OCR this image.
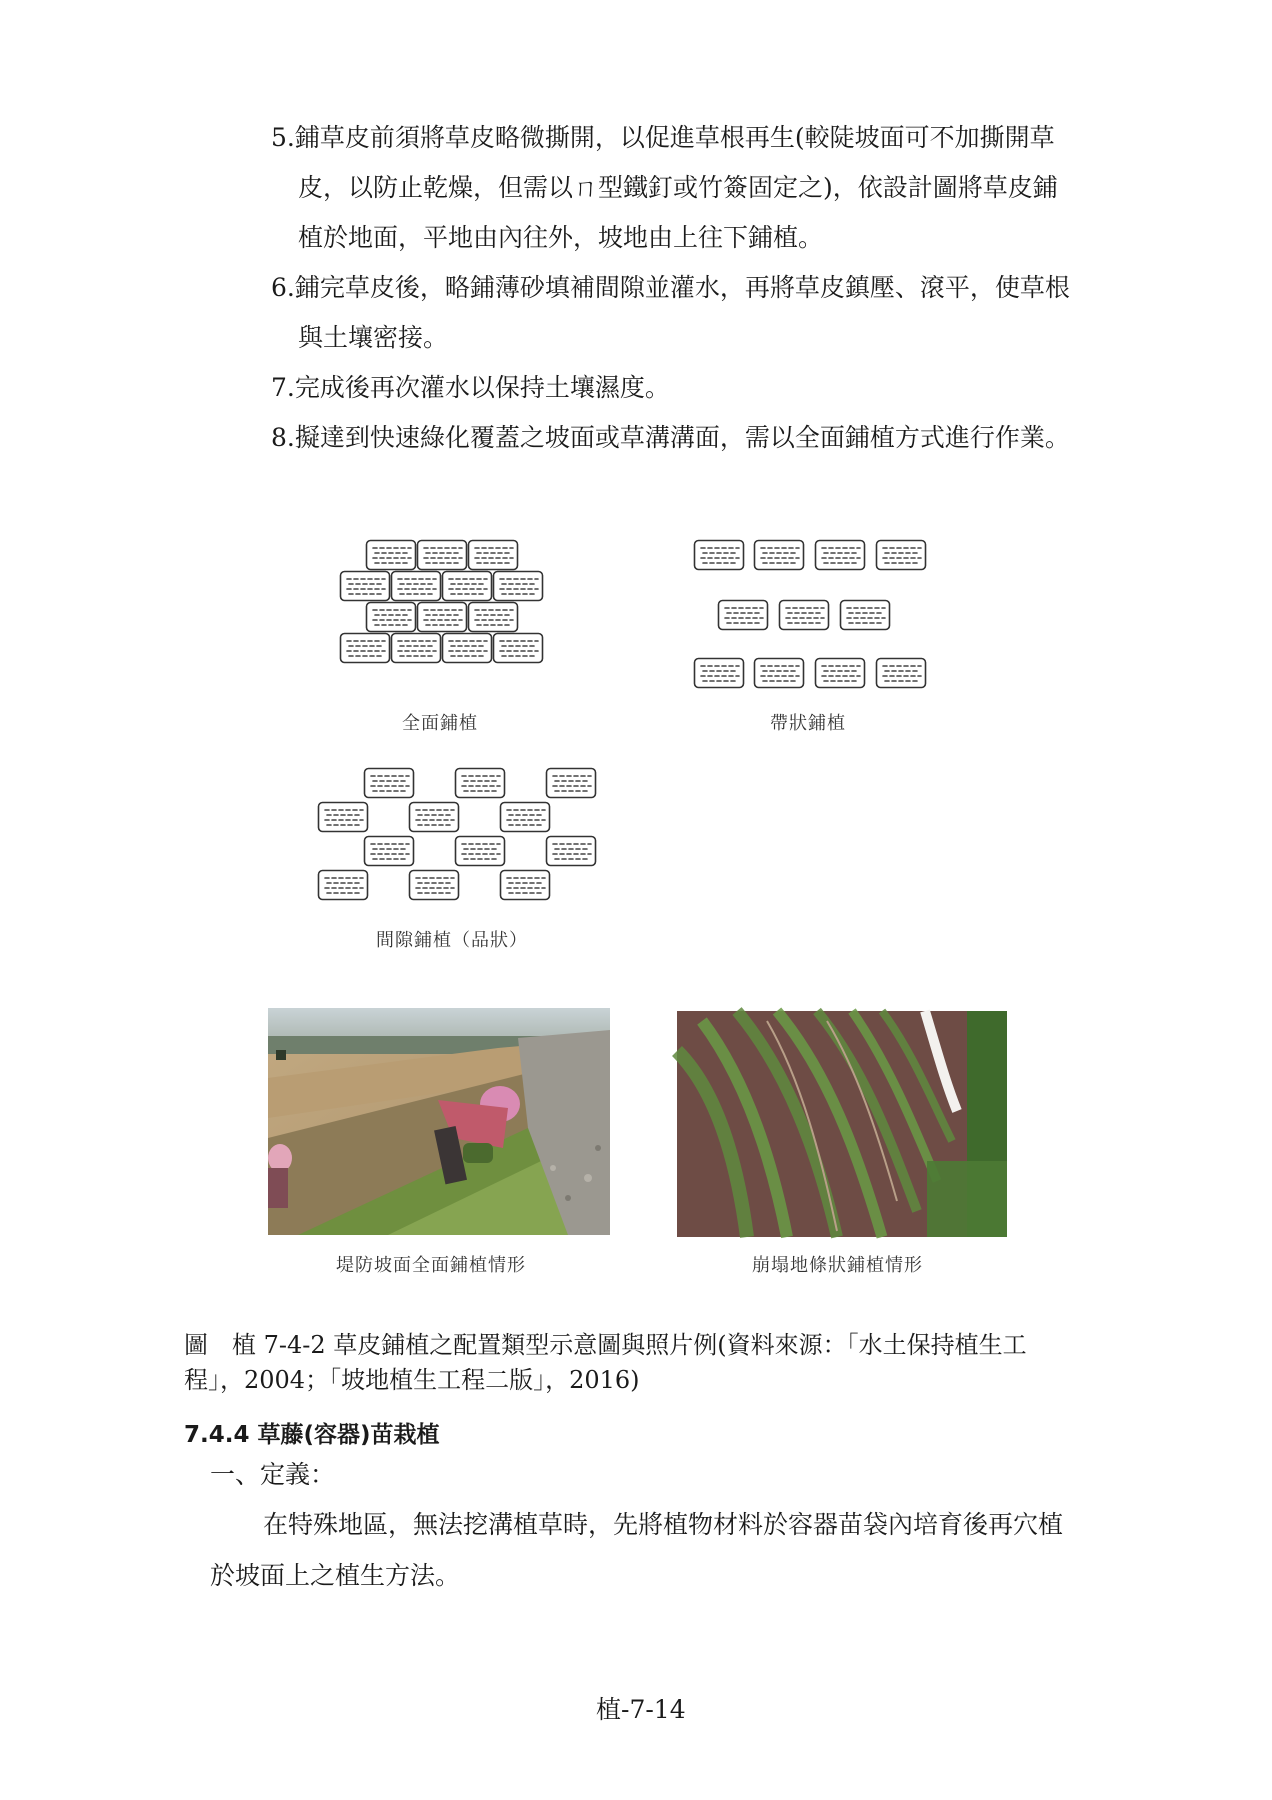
5.鋪草皮前須將草皮略微撕開，以促進草根再生(較陡坡面可不加撕開草
皮，以防止乾燥，但需以ㄇ型鐵釘或竹簽固定之)，依設計圖將草皮鋪
植於地面，平地由內往外，坡地由上往下鋪植。
6.鋪完草皮後，略鋪薄砂填補間隙並灌水，再將草皮鎮壓、滾平，使草根
與土壤密接。
7.完成後再次灌水以保持土壤濕度。
8.擬達到快速綠化覆蓋之坡面或草溝溝面，需以全面鋪植方式進行作業。
全面鋪植	帶狀鋪植
間隙鋪植（品狀）
堤防坡面全面鋪植情形	崩塌地條狀鋪植情形
圖　植 7-4-2 草皮鋪植之配置類型示意圖與照片例(資料來源：「水土保持植生工
程」，2004；「坡地植生工程二版」，2016)
7.4.4 草藤(容器)苗栽植
一、定義：
在特殊地區，無法挖溝植草時，先將植物材料於容器苗袋內培育後再穴植
於坡面上之植生方法。
植-7-14
